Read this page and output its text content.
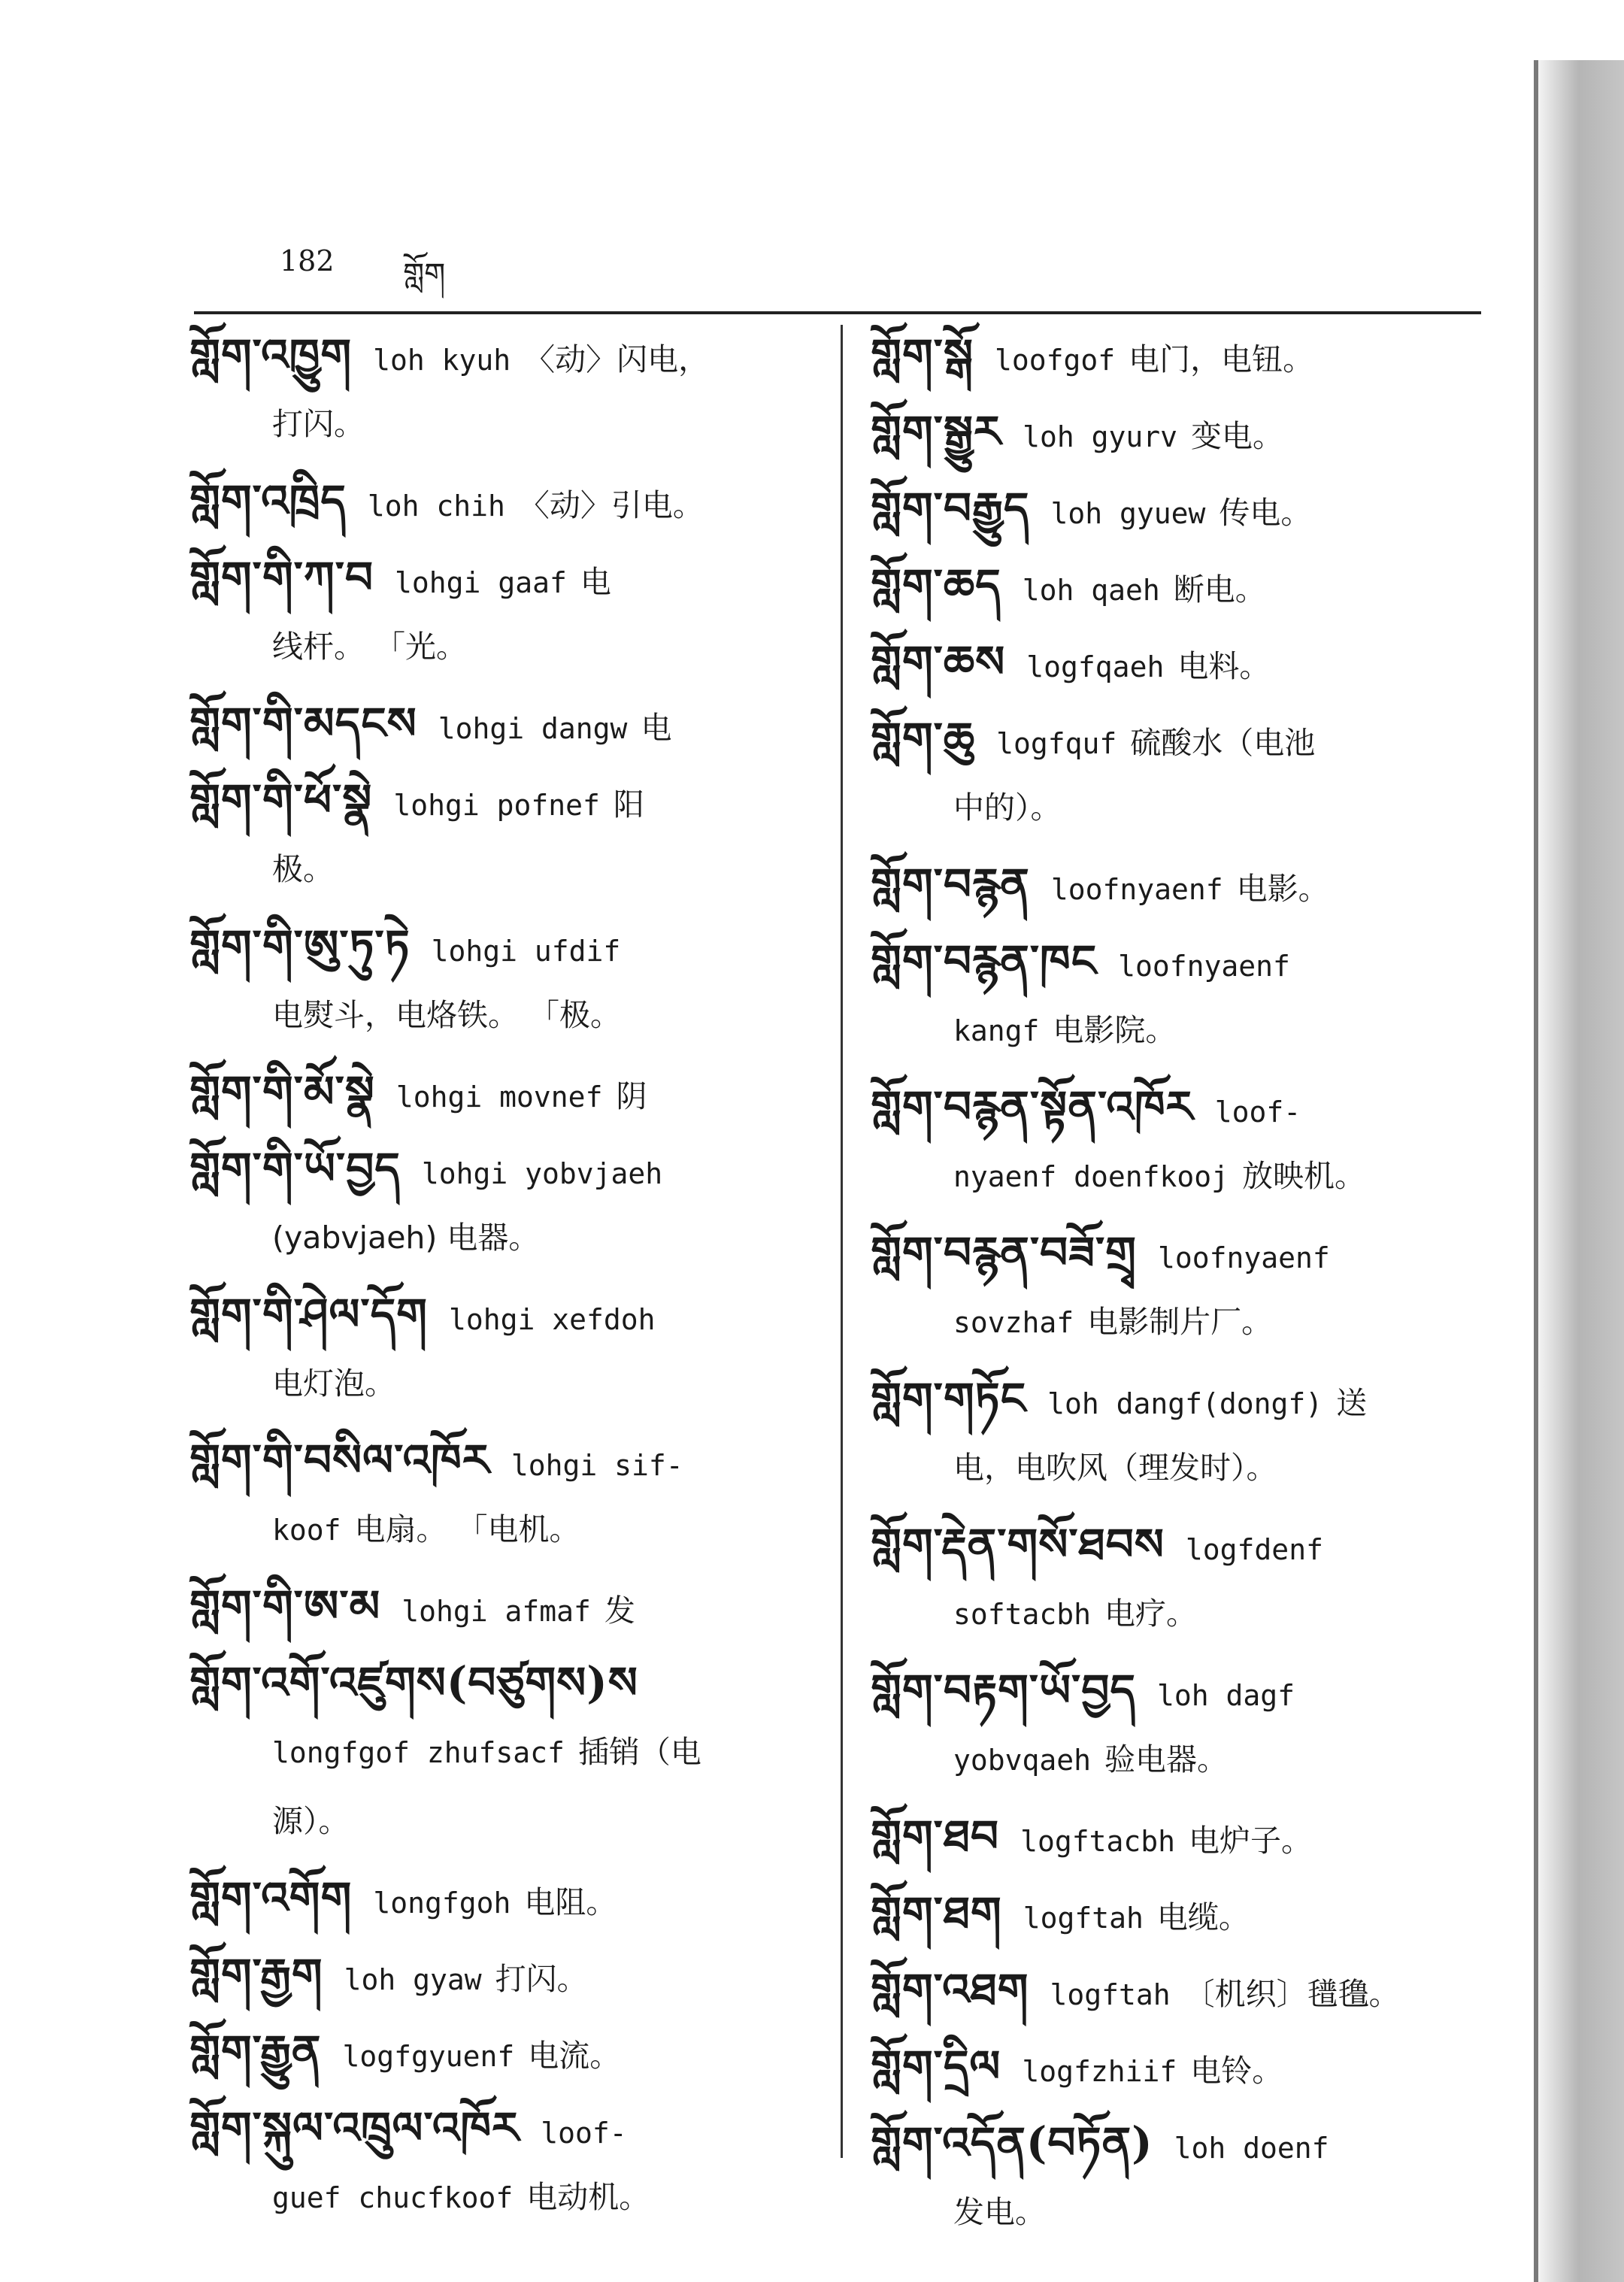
182 གློག
གློག་འཁྱུག loh kyuh 〈动〉闪电，
打闪。
གློག་འཁྲིད loh chih 〈动〉引电。
གློག་གི་ཀ་བ lohgi gaaf 电
线杆。 「光。
གློག་གི་མདངས lohgi dangw 电
གློག་གི་ཕོ་སྣེ lohgi pofnef 阳
极。
གློག་གི་ཨུ་ཏུ་ཏེ lohgi ufdif
电熨斗，电烙铁。 「极。
གློག་གི་མོ་སྣེ lohgi movnef 阴
གློག་གི་ཡོ་བྱད lohgi yobvjaeh
(yabvjaeh) 电器。
གློག་གི་ཤེལ་དོག lohgi xefdoh
电灯泡。
གློག་གི་བསིལ་འཁོར lohgi sif-
koof 电扇。 「电机。
གློག་གི་ཨ་མ lohgi afmaf 发
གློག་འགོ་འཛུགས(བཙུགས)ས
longfgof zhufsacf 插销（电
源）。
གློག་འགོག longfgoh 电阻。
གློག་རྒྱག loh gyaw 打闪。
གློག་རྒྱུན logfgyuenf 电流。
གློག་སྐུལ་འཁྲུལ་འཁོར loof-
guef chucfkoof 电动机。
གློག་སྒོ loofgof 电门，电钮。
གློག་སྒྱུར loh gyurv 变电。
གློག་བརྒྱུད loh gyuew 传电。
གློག་ཆད loh qaeh 断电。
གློག་ཆས logfqaeh 电料。
གློག་ཆུ logfquf 硫酸水（电池
中的）。
གློག་བརྙན loofnyaenf 电影。
གློག་བརྙན་ཁང loofnyaenf
kangf 电影院。
གློག་བརྙན་སྟོན་འཁོར loof-
nyaenf doenfkooj 放映机。
གློག་བརྙན་བཟོ་གྲྭ loofnyaenf
sovzhaf 电影制片厂。
གློག་གཏོང loh dangf(dongf) 送
电，电吹风（理发时）。
གློག་རྡེན་གསོ་ཐབས logfdenf
softacbh 电疗。
གློག་བརྟག་ཡོ་བྱད loh dagf
yobvqaeh 验电器。
གློག་ཐབ logftacbh 电炉子。
གློག་ཐག logftah 电缆。
གློག་འཐག logftah 〔机织〕氆氇。
གློག་དྲིལ logfzhiif 电铃。
གློག་འདོན(བཏོན) loh doenf
发电。
